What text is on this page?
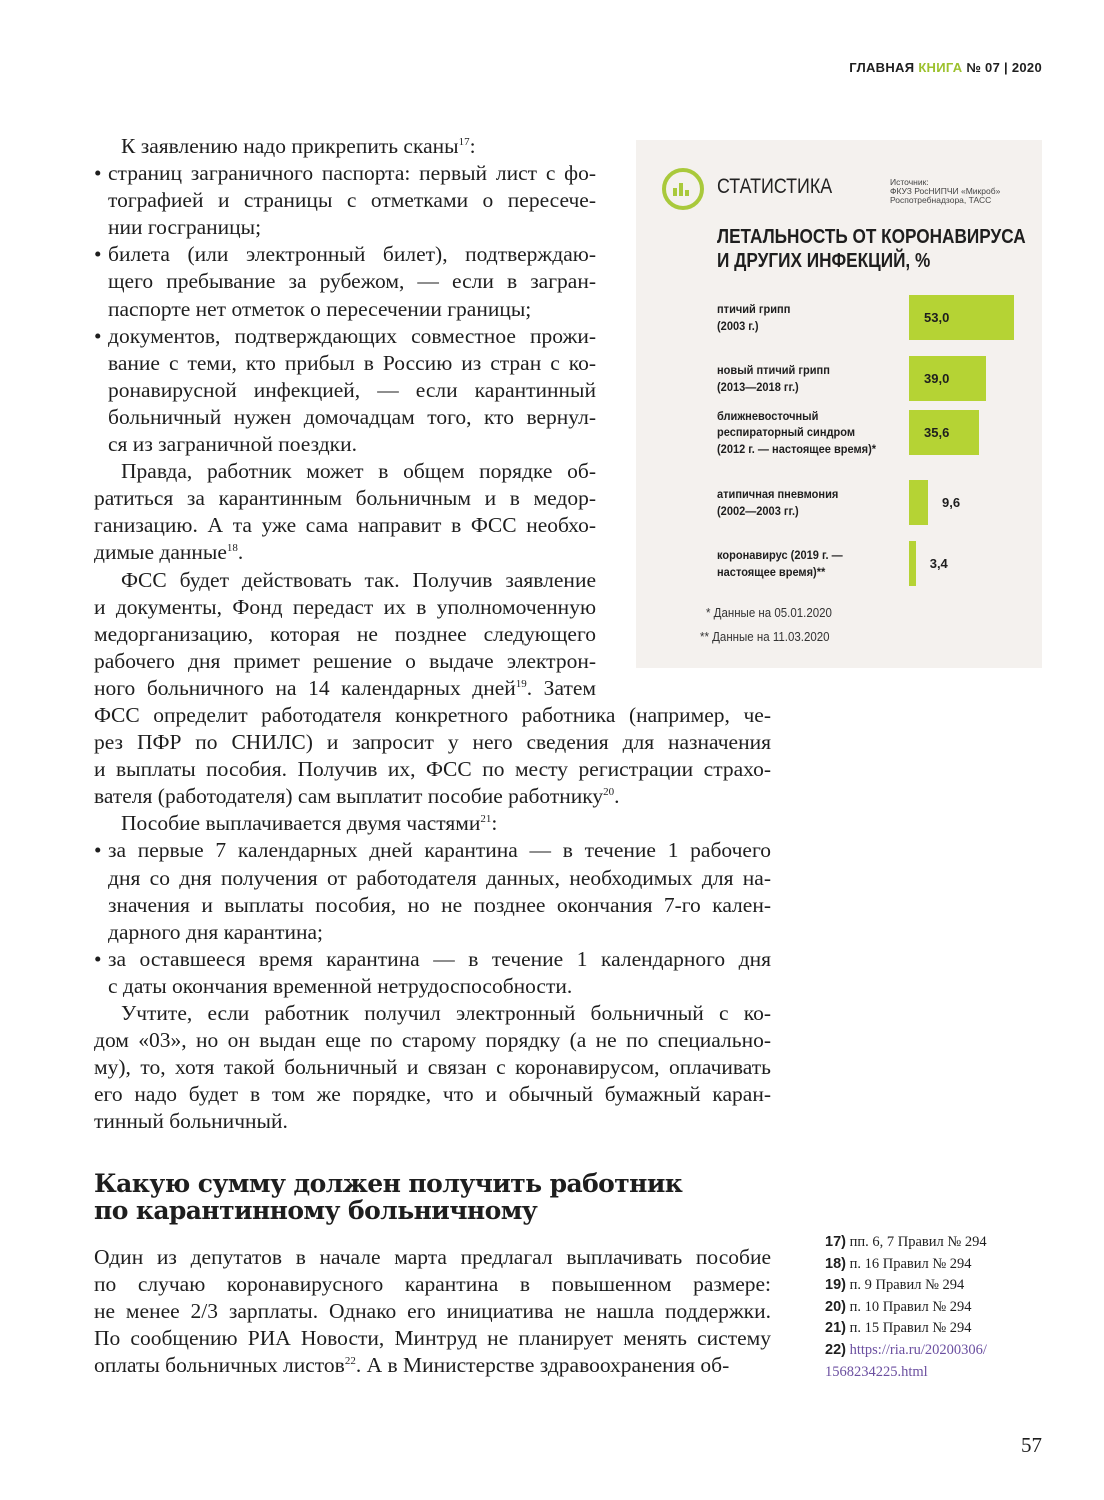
ГЛАВНАЯ КНИГА № 07 | 2020
К заявлению надо прикрепить сканы$^{17}$:
• страниц заграничного паспорта: первый лист с фо-
тографией и страницы с отметками о пересече-
нии госграницы;
• билета (или электронный билет), подтверждаю-
щего пребывание за рубежом, — если в загран-
паспорте нет отметок о пересечении границы;
• документов, подтверждающих совместное прожи-
вание с теми, кто прибыл в Россию из стран с ко-
ронавирусной инфекцией, — если карантинный
больничный нужен домочадцам того, кто вернул-
ся из заграничной поездки.
Правда, работник может в общем порядке об-
ратиться за карантинным больничным и в медор-
ганизацию. А та уже сама направит в ФСС необхо-
димые данные$^{18}$.
ФСС будет действовать так. Получив заявление
и документы, Фонд передаст их в уполномоченную
медорганизацию, которая не позднее следующего
рабочего дня примет решение о выдаче электрон-
ного больничного на 14 календарных дней$^{19}$. Затем
ФСС определит работодателя конкретного работника (например, че-
рез ПФР по СНИЛС) и запросит у него сведения для назначения
и выплаты пособия. Получив их, ФСС по месту регистрации страхо-
вателя (работодателя) сам выплатит пособие работнику$^{20}$.
Пособие выплачивается двумя частями$^{21}$:
• за первые 7 календарных дней карантина — в течение 1 рабочего
дня со дня получения от работодателя данных, необходимых для на-
значения и выплаты пособия, но не позднее окончания 7-го кален-
дарного дня карантина;
• за оставшееся время карантина — в течение 1 календарного дня
с даты окончания временной нетрудоспособности.
Учтите, если работник получил электронный больничный с ко-
дом «03», но он выдан еще по старому порядку (а не по специально-
му), то, хотя такой больничный и связан с коронавирусом, оплачивать
его надо будет в том же порядке, что и обычный бумажный каран-
тинный больничный.
Какую сумму должен получить работник
по карантинному больничному
Один из депутатов в начале марта предлагал выплачивать пособие
по случаю коронавирусного карантина в повышенном размере:
не менее 2/3 зарплаты. Однако его инициатива не нашла поддержки.
По сообщению РИА Новости, Минтруд не планирует менять систему
оплаты больничных листов$^{22}$. А в Министерстве здравоохранения об-
СТАТИСТИКА	Источник:
ФКУЗ РосНИПЧИ «Микроб»
Роспотребнадзора, ТАСС
ЛЕТАЛЬНОСТЬ ОТ КОРОНАВИРУСА
И ДРУГИХ ИНФЕКЦИЙ, %
птичий грипп
(2003 г.)
53,0
новый птичий грипп
(2013—2018 гг.)
39,0
ближневосточный
респираторный синдром
(2012 г. — настоящее время)*
35,6
атипичная пневмония
(2002—2003 гг.)
9,6
коронавирус (2019 г. —
настоящее время)**
3,4
* Данные на 05.01.2020
** Данные на 11.03.2020
17) пп. 6, 7 Правил № 294
18) п. 16 Правил № 294
19) п. 9 Правил № 294
20) п. 10 Правил № 294
21) п. 15 Правил № 294
22) https://ria.ru/20200306/
1568234225.html
57
